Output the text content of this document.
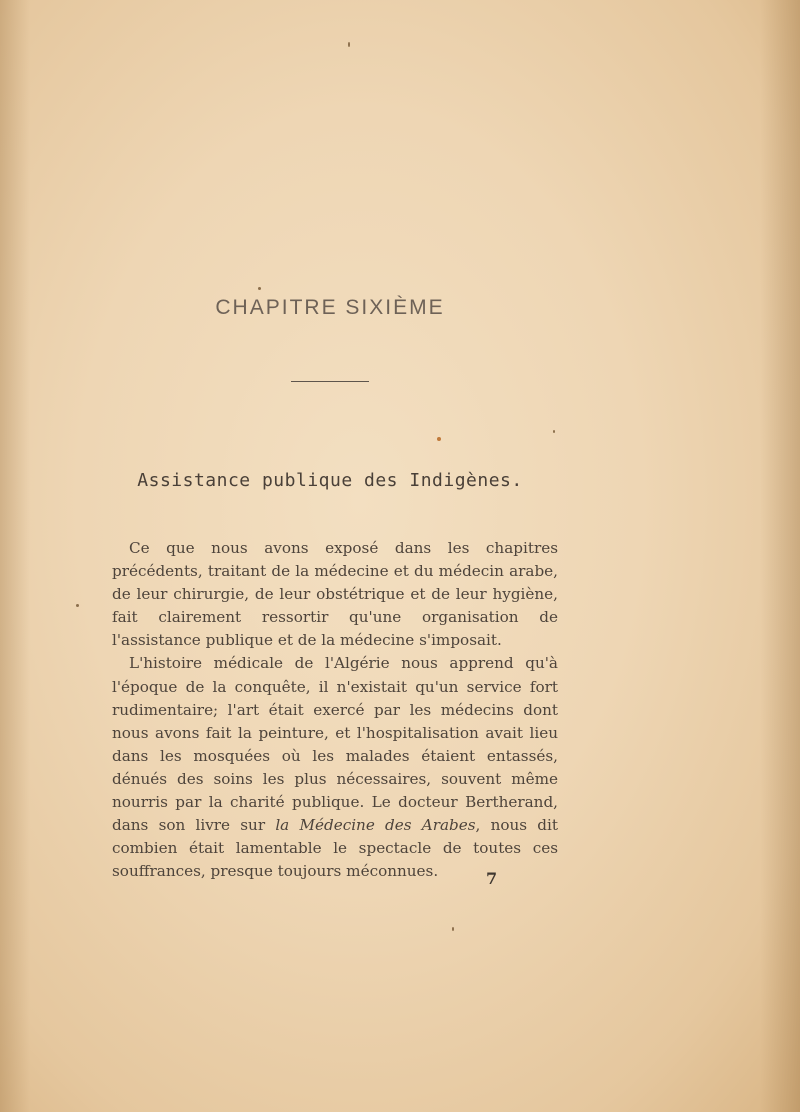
CHAPITRE SIXIÈME
Assistance publique des Indigènes.

Ce que nous avons exposé dans les chapitres précédents, traitant de la médecine et du médecin arabe, de leur chirurgie, de leur obstétrique et de leur hygiène, fait clairement ressortir qu'une organisation de l'assistance publique et de la médecine s'imposait.

L'histoire médicale de l'Algérie nous apprend qu'à l'époque de la conquête, il n'existait qu'un service fort rudimentaire; l'art était exercé par les médecins dont nous avons fait la peinture, et l'hospitalisation avait lieu dans les mosquées où les malades étaient entassés, dénués des soins les plus nécessaires, souvent même nourris par la charité publique. Le docteur Bertherand, dans son livre sur la Médecine des Arabes, nous dit combien était lamentable le spectacle de toutes ces souffrances, presque toujours méconnues.	7
